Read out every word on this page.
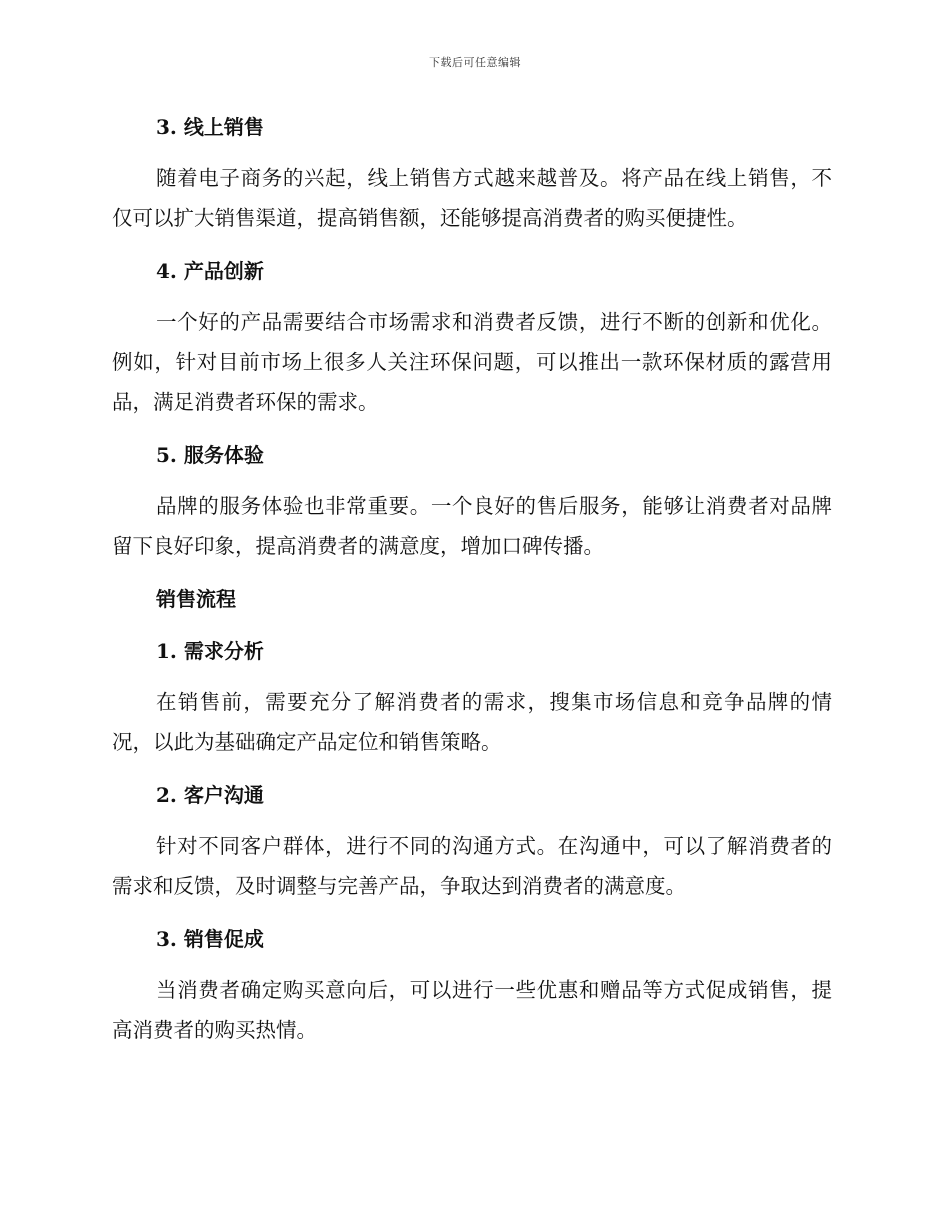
下载后可任意编辑
3. 线上销售

随着电子商务的兴起，线上销售方式越来越普及。将产品在线上销售，不仅可以扩大销售渠道，提高销售额，还能够提高消费者的购买便捷性。

4. 产品创新

一个好的产品需要结合市场需求和消费者反馈，进行不断的创新和优化。例如，针对目前市场上很多人关注环保问题，可以推出一款环保材质的露营用品，满足消费者环保的需求。

5. 服务体验

品牌的服务体验也非常重要。一个良好的售后服务，能够让消费者对品牌留下良好印象，提高消费者的满意度，增加口碑传播。

销售流程
1. 需求分析

在销售前，需要充分了解消费者的需求，搜集市场信息和竞争品牌的情况，以此为基础确定产品定位和销售策略。

2. 客户沟通

针对不同客户群体，进行不同的沟通方式。在沟通中，可以了解消费者的需求和反馈，及时调整与完善产品，争取达到消费者的满意度。

3. 销售促成

当消费者确定购买意向后，可以进行一些优惠和赠品等方式促成销售，提高消费者的购买热情。
